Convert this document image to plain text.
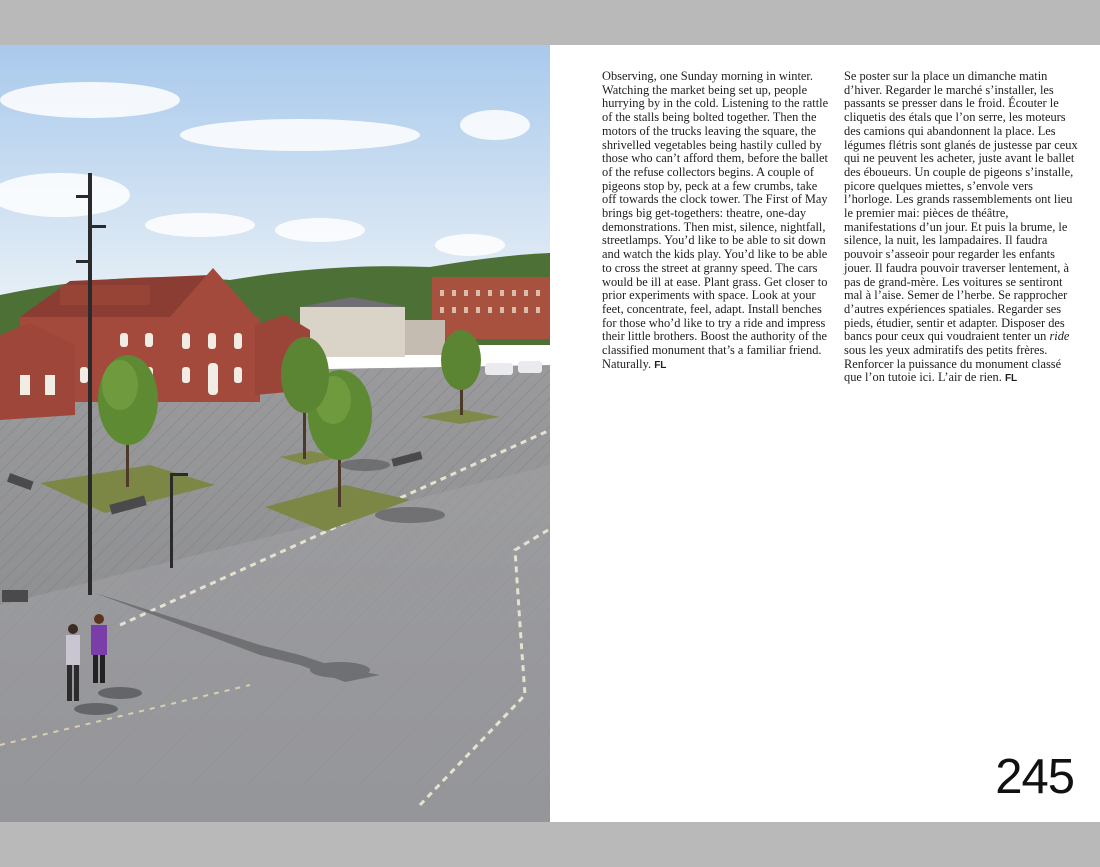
Observing, one Sunday morning in winter. Watching the market being set up, people hurrying by in the cold. Listening to the rattle of the stalls being bolted together. Then the motors of the trucks leaving the square, the shrivelled vegetables being hastily culled by those who can’t afford them, before the ballet of the refuse collectors begins. A couple of pigeons stop by, peck at a few crumbs, take off towards the clock tower. The First of May brings big get-togethers: theatre, one-day demonstrations. Then mist, silence, nightfall, streetlamps. You’d like to be able to sit down and watch the kids play. You’d like to be able to cross the street at granny speed. The cars would be ill at ease. Plant grass. Get closer to prior experiments with space. Look at your feet, concentrate, feel, adapt. Install benches for those who’d like to try a ride and impress their little brothers. Boost the authority of the classified monument that’s a familiar friend. Naturally. FL

Se poster sur la place un dimanche matin d’hiver. Regarder le marché s’installer, les passants se presser dans le froid. Écouter le cliquetis des étals que l’on serre, les moteurs des camions qui abandonnent la place. Les légumes flétris sont glanés de justesse par ceux qui ne peuvent les acheter, juste avant le ballet des éboueurs. Un couple de pigeons s’installe, picore quelques miettes, s’envole vers l’horloge. Les grands rassemblements ont lieu le premier mai: pièces de théâtre, manifestations d’un jour. Et puis la brume, le silence, la nuit, les lampadaires. Il faudra pouvoir s’asseoir pour regarder les enfants jouer. Il faudra pouvoir traverser lentement, à pas de grand-mère. Les voitures se sentiront mal à l’aise. Semer de l’herbe. Se rapprocher d’autres expériences spatiales. Regarder ses pieds, étudier, sentir et adapter. Disposer des bancs pour ceux qui voudraient tenter un ride sous les yeux admiratifs des petits frères. Renforcer la puissance du monument classé que l’on tutoie ici. L’air de rien. FL

245
